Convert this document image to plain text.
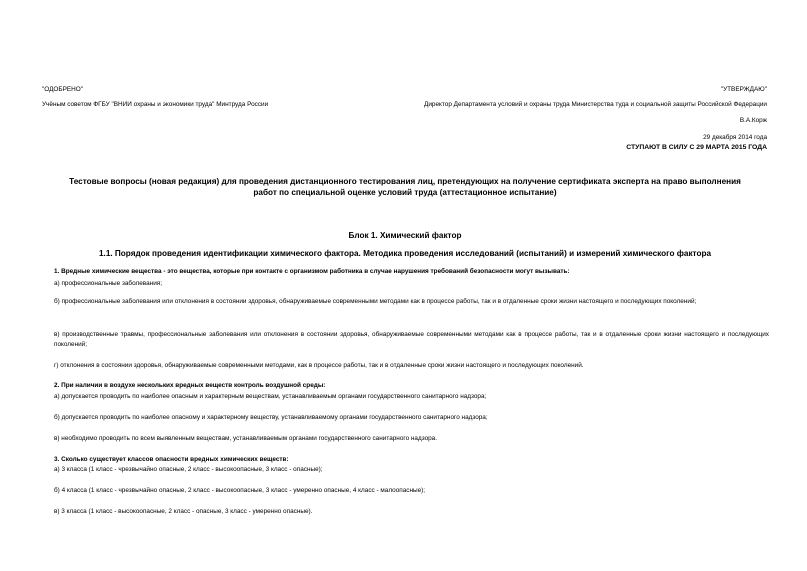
"ОДОБРЕНО"
Учёным советом ФГБУ "ВНИИ охраны и экономики труда" Минтруда России
"УТВЕРЖДАЮ"
Директор Департамента условий и охраны труда Министерства туда и социальной защиты Российской Федерации
В.А.Корж
29 декабря 2014 года
СТУПАЮТ В СИЛУ С 29 МАРТА 2015 ГОДА
Тестовые вопросы (новая редакция) для проведения дистанционного тестирования лиц, претендующих на получение сертификата эксперта на право выполнения
работ по специальной оценке условий труда (аттестационное испытание)
Блок 1. Химический фактор
1.1. Порядок проведения идентификации химического фактора. Методика проведения исследований (испытаний) и измерений химического фактора
1. Вредные химические вещества - это вещества, которые при контакте с организмом работника в случае нарушения требований безопасности могут вызывать:
а) профессиональные заболевания;
б) профессиональные заболевания или отклонения в состоянии здоровья, обнаруживаемые современными методами как в процессе работы, так и в отдаленные сроки жизни настоящего и последующих поколений;
в) производственные травмы, профессиональные заболевания или отклонения в состоянии здоровья, обнаруживаемые современными методами как в процессе работы, так и в отдаленные сроки жизни настоящего и последующих поколений;
г) отклонения в состоянии здоровья, обнаруживаемые современными методами, как в процессе работы, так и в отдаленные сроки жизни настоящего и последующих поколений.
2. При наличии в воздухе нескольких вредных веществ контроль воздушной среды:
а) допускается проводить по наиболее опасным и характерным веществам, устанавливаемым органами государственного санитарного надзора;
б) допускается проводить по наиболее опасному и характерному веществу, устанавливаемому органами государственного санитарного надзора;
в) необходимо проводить по всем выявленным веществам, устанавливаемым органами государственного санитарного надзора.
3. Сколько существует классов опасности вредных химических веществ:
а) 3 класса (1 класс - чрезвычайно опасные, 2 класс - высокоопасные, 3 класс - опасные);
б) 4 класса (1 класс - чрезвычайно опасные, 2 класс - высокоопасные, 3 класс - умеренно опасные, 4 класс - малоопасные);
в) 3 класса (1 класс - высокоопасные, 2 класс - опасные, 3 класс - умеренно опасные).
